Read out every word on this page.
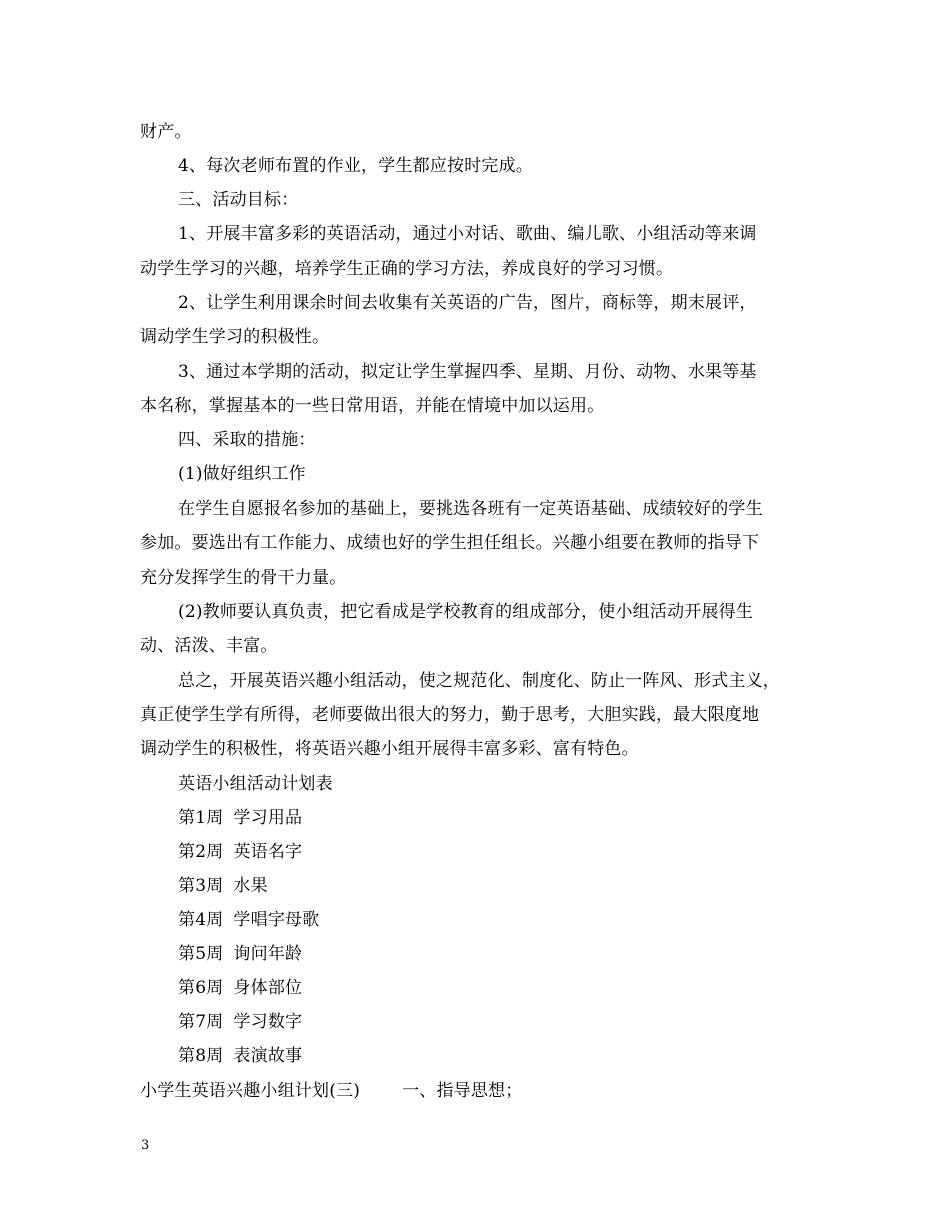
财产。
4、每次老师布置的作业，学生都应按时完成。
三、活动目标：
1、开展丰富多彩的英语活动，通过小对话、歌曲、编儿歌、小组活动等来调
动学生学习的兴趣，培养学生正确的学习方法，养成良好的学习习惯。
2、让学生利用课余时间去收集有关英语的广告，图片，商标等，期末展评，
调动学生学习的积极性。
3、通过本学期的活动，拟定让学生掌握四季、星期、月份、动物、水果等基
本名称，掌握基本的一些日常用语，并能在情境中加以运用。
四、采取的措施：
(1)做好组织工作
在学生自愿报名参加的基础上，要挑选各班有一定英语基础、成绩较好的学生
参加。要选出有工作能力、成绩也好的学生担任组长。兴趣小组要在教师的指导下
充分发挥学生的骨干力量。
(2)教师要认真负责，把它看成是学校教育的组成部分，使小组活动开展得生
动、活泼、丰富。
总之，开展英语兴趣小组活动，使之规范化、制度化、防止一阵风、形式主义，
真正使学生学有所得，老师要做出很大的努力，勤于思考，大胆实践，最大限度地
调动学生的积极性，将英语兴趣小组开展得丰富多彩、富有特色。
英语小组活动计划表
第1周 学习用品
第2周 英语名字
第3周 水果
第4周 学唱字母歌
第5周 询问年龄
第6周 身体部位
第7周 学习数字
第8周 表演故事
小学生英语兴趣小组计划(三) 一、指导思想；
3
